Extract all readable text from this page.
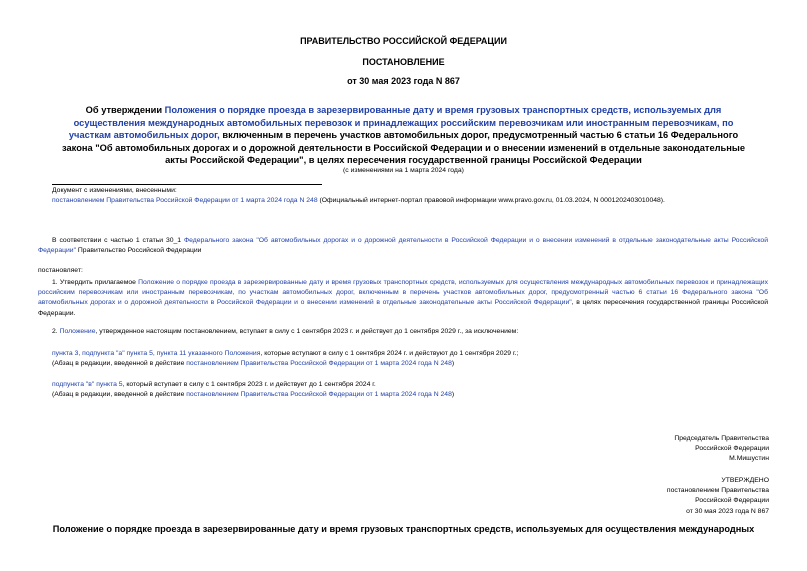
ПРАВИТЕЛЬСТВО РОССИЙСКОЙ ФЕДЕРАЦИИ
ПОСТАНОВЛЕНИЕ
от 30 мая 2023 года N 867
Об утверждении Положения о порядке проезда в зарезервированные дату и время грузовых транспортных средств, используемых для осуществления международных автомобильных перевозок и принадлежащих российским перевозчикам или иностранным перевозчикам, по участкам автомобильных дорог, включенным в перечень участков автомобильных дорог, предусмотренный частью 6 статьи 16 Федерального закона "Об автомобильных дорогах и о дорожной деятельности в Российской Федерации и о внесении изменений в отдельные законодательные акты Российской Федерации", в целях пересечения государственной границы Российской Федерации
(с изменениями на 1 марта 2024 года)
Документ с изменениями, внесенными:
постановлением Правительства Российской Федерации от 1 марта 2024 года N 248 (Официальный интернет-портал правовой информации www.pravo.gov.ru, 01.03.2024, N 0001202403010048).
В соответствии с частью 1 статьи 30_1 Федерального закона "Об автомобильных дорогах и о дорожной деятельности в Российской Федерации и о внесении изменений в отдельные законодательные акты Российской Федерации" Правительство Российской Федерации
постановляет:
1. Утвердить прилагаемое Положение о порядке проезда в зарезервированные дату и время грузовых транспортных средств, используемых для осуществления международных автомобильных перевозок и принадлежащих российским перевозчикам или иностранным перевозчикам, по участкам автомобильных дорог, включенным в перечень участков автомобильных дорог, предусмотренный частью 6 статьи 16 Федерального закона "Об автомобильных дорогах и о дорожной деятельности в Российской Федерации и о внесении изменений в отдельные законодательные акты Российской Федерации", в целях пересечения государственной границы Российской Федерации.
2. Положение, утвержденное настоящим постановлением, вступает в силу с 1 сентября 2023 г. и действует до 1 сентября 2029 г., за исключением:
пункта 3, подпункта "а" пункта 5, пункта 11 указанного Положения, которые вступают в силу с 1 сентября 2024 г. и действуют до 1 сентября 2029 г.;
(Абзац в редакции, введенной в действие постановлением Правительства Российской Федерации от 1 марта 2024 года N 248)
подпункта "в" пункта 5, который вступает в силу с 1 сентября 2023 г. и действует до 1 сентября 2024 г.
(Абзац в редакции, введенной в действие постановлением Правительства Российской Федерации от 1 марта 2024 года N 248)
Председатель Правительства
Российской Федерации
М.Мишустин
УТВЕРЖДЕНО
постановлением Правительства
Российской Федерации
от 30 мая 2023 года N 867
Положение о порядке проезда в зарезервированные дату и время грузовых транспортных средств, используемых для осуществления международных
